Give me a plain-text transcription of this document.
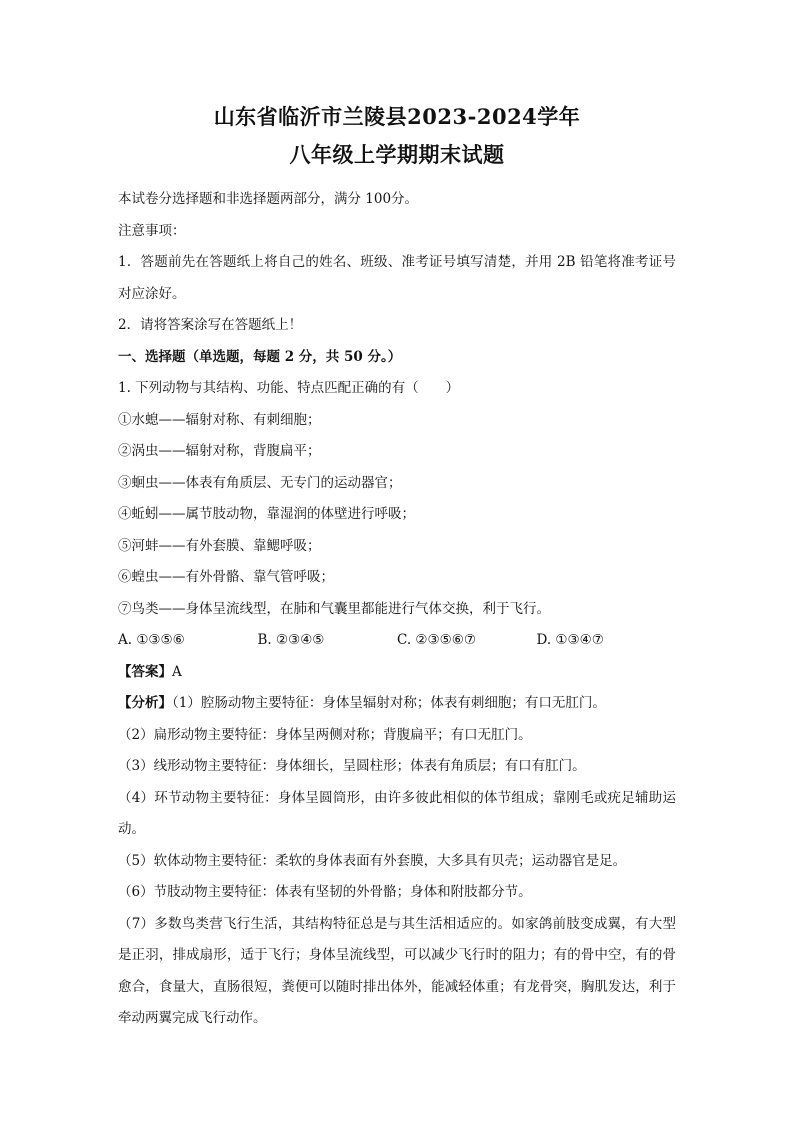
山东省临沂市兰陵县2023-2024学年
八年级上学期期末试题

本试卷分选择题和非选择题两部分，满分 100分。

注意事项：

1．答题前先在答题纸上将自己的姓名、班级、准考证号填写清楚，并用 2B 铅笔将准考证号对应涂好。

2．请将答案涂写在答题纸上！

一、选择题（单选题，每题 2 分，共 50 分。）

1. 下列动物与其结构、功能、特点匹配正确的有（　　）

①水螅——辐射对称、有刺细胞；

②涡虫——辐射对称，背腹扁平；

③蛔虫——体表有角质层、无专门的运动器官；

④蚯蚓——属节肢动物，靠湿润的体壁进行呼吸；

⑤河蚌——有外套膜、靠鳃呼吸；

⑥蝗虫——有外骨骼、靠气管呼吸；

⑦鸟类——身体呈流线型，在肺和气囊里都能进行气体交换，利于飞行。

A. ①③⑤⑥	B. ②③④⑤	C. ②③⑤⑥⑦	D. ①③④⑦

【答案】A

【分析】（1）腔肠动物主要特征：身体呈辐射对称；体表有刺细胞；有口无肛门。

（2）扁形动物主要特征：身体呈两侧对称；背腹扁平；有口无肛门。

（3）线形动物主要特征：身体细长，呈圆柱形；体表有角质层；有口有肛门。

（4）环节动物主要特征：身体呈圆筒形，由许多彼此相似的体节组成；靠刚毛或疣足辅助运动。

（5）软体动物主要特征：柔软的身体表面有外套膜，大多具有贝壳；运动器官是足。

（6）节肢动物主要特征：体表有坚韧的外骨骼；身体和附肢都分节。

（7）多数鸟类营飞行生活，其结构特征总是与其生活相适应的。如家鸽前肢变成翼，有大型是正羽，排成扇形，适于飞行；身体呈流线型，可以减少飞行时的阻力；有的骨中空，有的骨愈合，食量大，直肠很短，粪便可以随时排出体外，能减轻体重；有龙骨突，胸肌发达，利于牵动两翼完成飞行动作。
